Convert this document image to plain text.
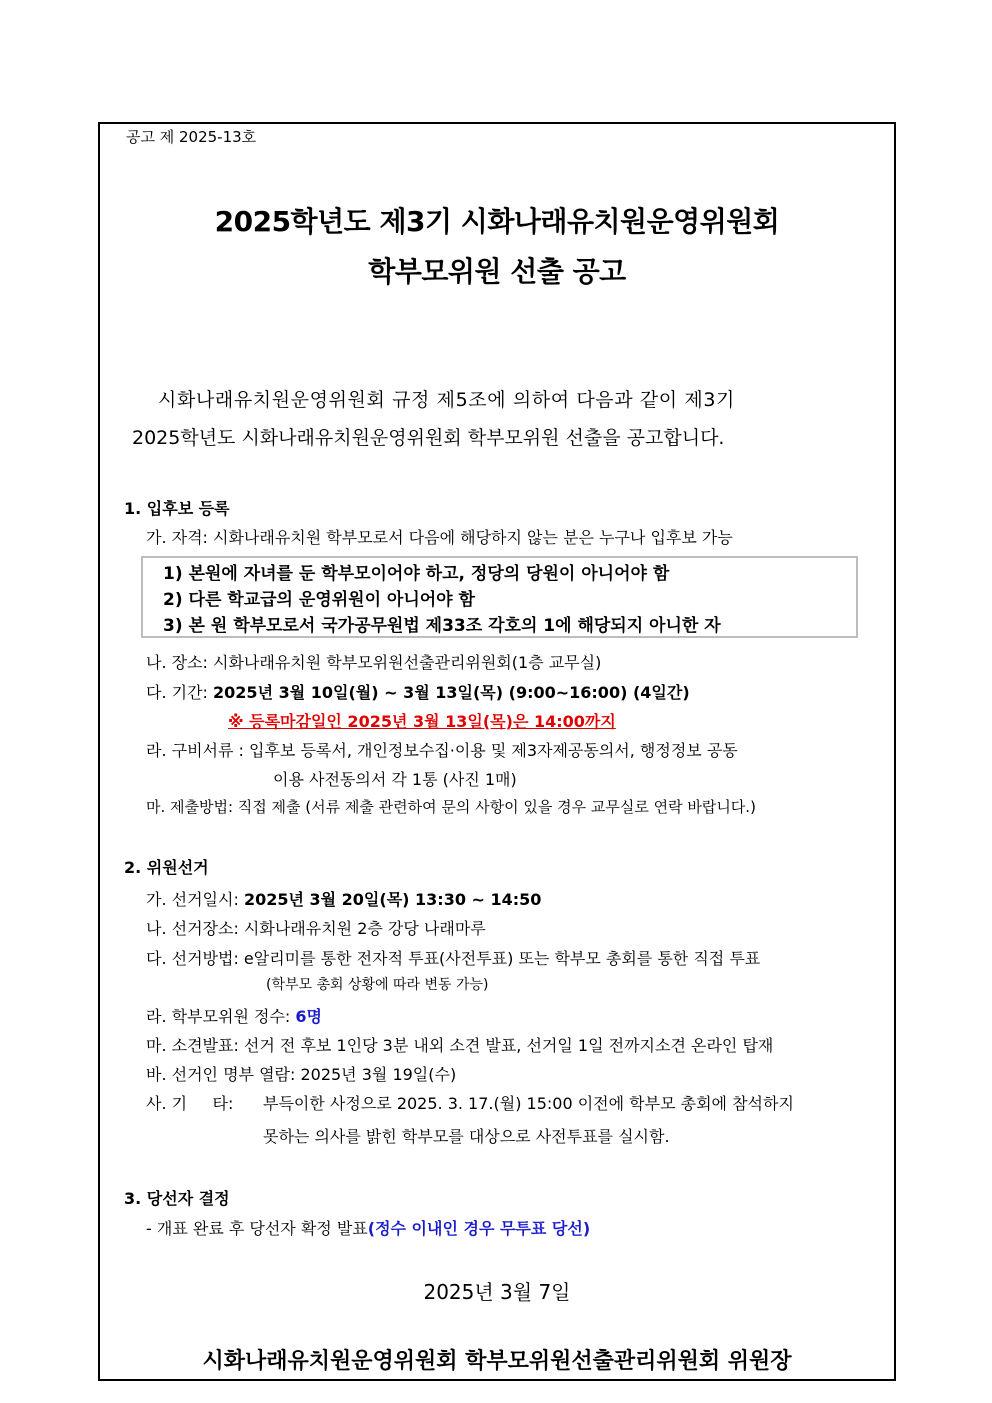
공고 제 2025-13호
2025학년도 제3기 시화나래유치원운영위원회
학부모위원 선출 공고
시화나래유치원운영위원회 규정 제5조에 의하여 다음과 같이 제3기
2025학년도 시화나래유치원운영위원회 학부모위원 선출을 공고합니다.
1. 입후보 등록
가. 자격: 시화나래유치원 학부모로서 다음에 해당하지 않는 분은 누구나 입후보 가능
1) 본원에 자녀를 둔 학부모이어야 하고, 정당의 당원이 아니어야 함
2) 다른 학교급의 운영위원이 아니어야 함
3) 본 원 학부모로서 국가공무원법 제33조 각호의 1에 해당되지 아니한 자
나. 장소: 시화나래유치원 학부모위원선출관리위원회(1층 교무실)
다. 기간: 2025년 3월 10일(월) ~ 3월 13일(목) (9:00~16:00) (4일간)
※ 등록마감일인 2025년 3월 13일(목)은 14:00까지
라. 구비서류 : 입후보 등록서, 개인정보수집·이용 및 제3자제공동의서, 행정정보 공동
이용 사전동의서 각 1통 (사진 1매)
마. 제출방법: 직접 제출 (서류 제출 관련하여 문의 사항이 있을 경우 교무실로 연락 바랍니다.)
2. 위원선거
가. 선거일시: 2025년 3월 20일(목) 13:30 ~ 14:50
나. 선거장소: 시화나래유치원 2층 강당 나래마루
다. 선거방법: e알리미를 통한 전자적 투표(사전투표) 또는 학부모 총회를 통한 직접 투표
(학부모 총회 상황에 따라 변동 가능)
라. 학부모위원 정수: 6명
마. 소견발표: 선거 전 후보 1인당 3분 내외 소견 발표, 선거일 1일 전까지소견 온라인 탑재
바. 선거인 명부 열람: 2025년 3월 19일(수)
사. 기     타: 부득이한 사정으로 2025. 3. 17.(월) 15:00 이전에 학부모 총회에 참석하지
못하는 의사를 밝힌 학부모를 대상으로 사전투표를 실시함.
3. 당선자 결정
- 개표 완료 후 당선자 확정 발표(정수 이내인 경우 무투표 당선)
2025년 3월 7일
시화나래유치원운영위원회 학부모위원선출관리위원회 위원장
